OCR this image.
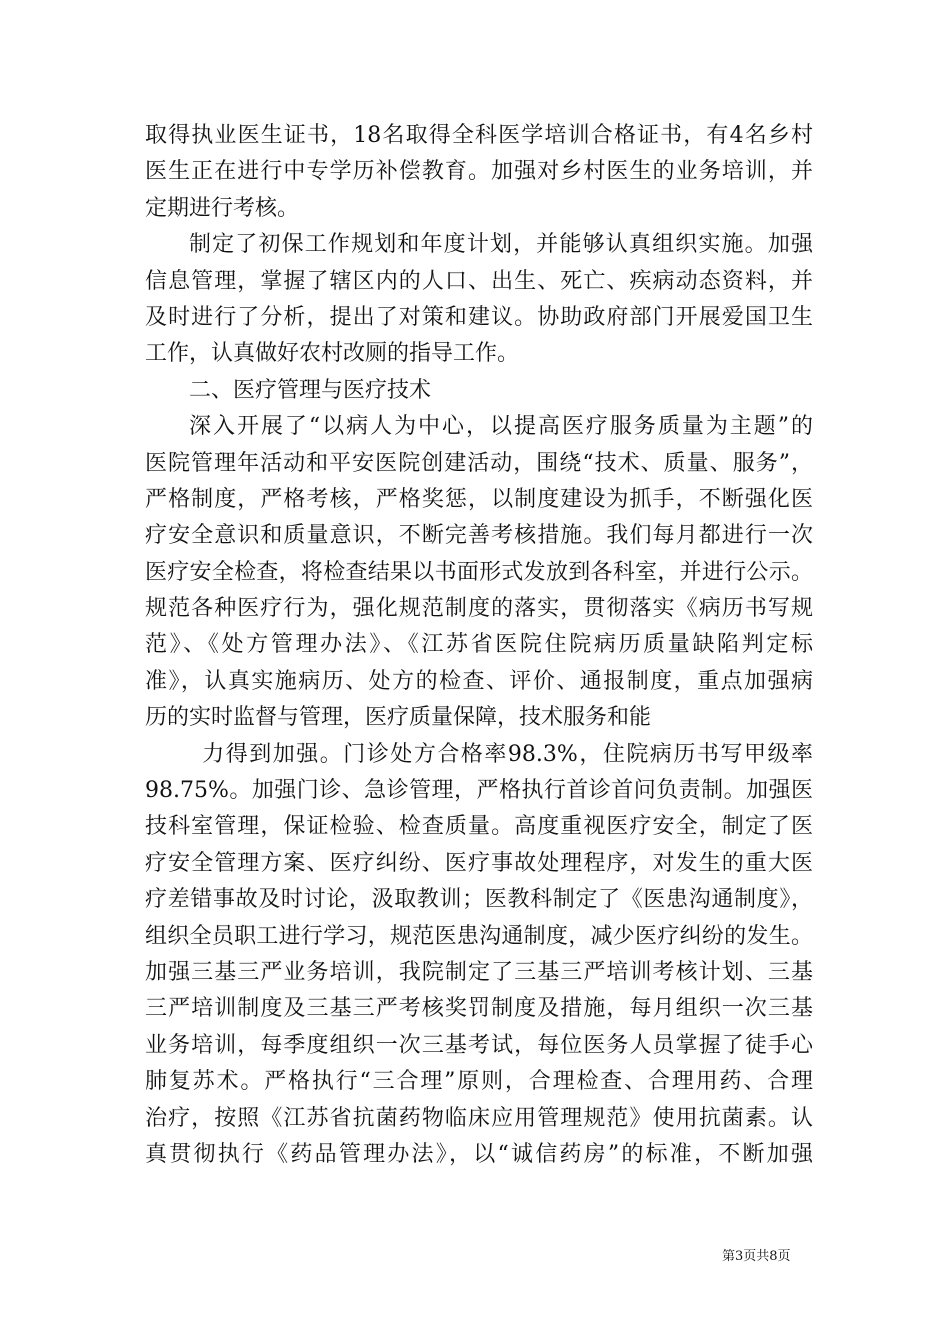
取得执业医生证书，18名取得全科医学培训合格证书，有4名乡村
医生正在进行中专学历补偿教育。加强对乡村医生的业务培训，并
定期进行考核。
制定了初保工作规划和年度计划，并能够认真组织实施。加强
信息管理，掌握了辖区内的人口、出生、死亡、疾病动态资料，并
及时进行了分析，提出了对策和建议。协助政府部门开展爱国卫生
工作，认真做好农村改厕的指导工作。
二、医疗管理与医疗技术
深入开展了“以病人为中心，以提高医疗服务质量为主题”的
医院管理年活动和平安医院创建活动，围绕“技术、质量、服务”，
严格制度，严格考核，严格奖惩，以制度建设为抓手，不断强化医
疗安全意识和质量意识，不断完善考核措施。我们每月都进行一次
医疗安全检查，将检查结果以书面形式发放到各科室，并进行公示。
规范各种医疗行为，强化规范制度的落实，贯彻落实《病历书写规
范》、《处方管理办法》、《江苏省医院住院病历质量缺陷判定标
准》，认真实施病历、处方的检查、评价、通报制度，重点加强病
历的实时监督与管理，医疗质量保障，技术服务和能
力得到加强。门诊处方合格率98.3%，住院病历书写甲级率
98.75%。加强门诊、急诊管理，严格执行首诊首问负责制。加强医
技科室管理，保证检验、检查质量。高度重视医疗安全，制定了医
疗安全管理方案、医疗纠纷、医疗事故处理程序，对发生的重大医
疗差错事故及时讨论，汲取教训；医教科制定了《医患沟通制度》，
组织全员职工进行学习，规范医患沟通制度，减少医疗纠纷的发生。
加强三基三严业务培训，我院制定了三基三严培训考核计划、三基
三严培训制度及三基三严考核奖罚制度及措施，每月组织一次三基
业务培训，每季度组织一次三基考试，每位医务人员掌握了徒手心
肺复苏术。严格执行“三合理”原则，合理检查、合理用药、合理
治疗，按照《江苏省抗菌药物临床应用管理规范》使用抗菌素。认
真贯彻执行《药品管理办法》，以“诚信药房”的标准，不断加强
第3页共8页
